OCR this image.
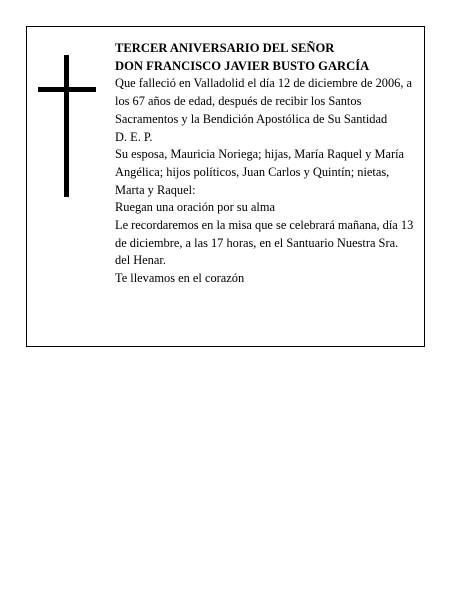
TERCER ANIVERSARIO DEL SEÑOR

DON FRANCISCO JAVIER BUSTO GARCÍA

Que falleció en Valladolid el día 12 de diciembre de 2006, a los 67 años de edad, después de recibir los Santos Sacramentos y la Bendición Apostólica de Su Santidad

D. E. P.

Su esposa, Mauricia Noriega; hijas, María Raquel y María Angélica; hijos políticos, Juan Carlos y Quintín; nietas, Marta y Raquel:

Ruegan una oración por su alma

Le recordaremos en la misa que se celebrará mañana, día 13 de diciembre, a las 17 horas, en el Santuario Nuestra Sra. del Henar.

Te llevamos en el corazón
